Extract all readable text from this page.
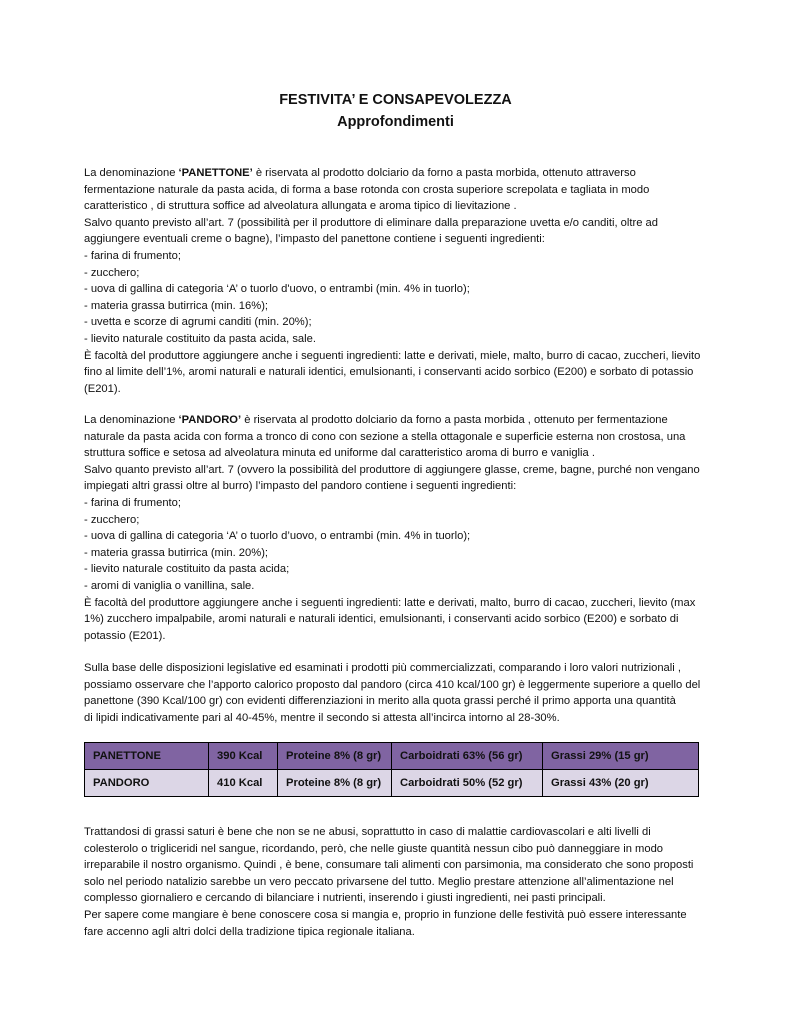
FESTIVITA’ E CONSAPEVOLEZZA
Approfondimenti
La denominazione ‘PANETTONE’ è riservata al prodotto dolciario da forno a pasta morbida, ottenuto attraverso
fermentazione naturale da pasta acida, di forma a base rotonda con crosta superiore screpolata e tagliata in modo
caratteristico , di struttura soffice ad alveolatura allungata e aroma tipico di lievitazione .
Salvo quanto previsto all’art. 7 (possibilità per il produttore di eliminare dalla preparazione uvetta e/o canditi, oltre ad
aggiungere eventuali creme o bagne), l’impasto del panettone contiene i seguenti ingredienti:
- farina di frumento;
- zucchero;
- uova di gallina di categoria ‘A’ o tuorlo d'uovo, o entrambi (min. 4% in tuorlo);
- materia grassa butirrica (min. 16%);
- uvetta e scorze di agrumi canditi (min. 20%);
- lievito naturale costituito da pasta acida, sale.
È facoltà del produttore aggiungere anche i seguenti ingredienti: latte e derivati, miele, malto, burro di cacao, zuccheri, lievito
fino al limite dell’1%, aromi naturali e naturali identici, emulsionanti, i conservanti acido sorbico (E200) e sorbato di potassio
(E201).
La denominazione ‘PANDORO’ è riservata al prodotto dolciario da forno a pasta morbida , ottenuto per fermentazione
naturale da pasta acida con forma a tronco di cono con sezione a stella ottagonale e superficie esterna non crostosa, una
struttura soffice e setosa ad alveolatura minuta ed uniforme dal caratteristico aroma di burro e vaniglia .
Salvo quanto previsto all’art. 7 (ovvero la possibilità del produttore di aggiungere glasse, creme, bagne, purché non vengano
impiegati altri grassi oltre al burro) l’impasto del pandoro contiene i seguenti ingredienti:
- farina di frumento;
- zucchero;
- uova di gallina di categoria ‘A’ o tuorlo d’uovo, o entrambi (min. 4% in tuorlo);
- materia grassa butirrica (min. 20%);
- lievito naturale costituito da pasta acida;
- aromi di vaniglia o vanillina, sale.
È facoltà del produttore aggiungere anche i seguenti ingredienti: latte e derivati, malto, burro di cacao, zuccheri, lievito (max
1%) zucchero impalpabile, aromi naturali e naturali identici, emulsionanti, i conservanti acido sorbico (E200) e sorbato di
potassio (E201).
Sulla base delle disposizioni legislative ed esaminati i prodotti più commercializzati, comparando i loro valori nutrizionali ,
possiamo osservare che l’apporto calorico proposto dal pandoro (circa 410 kcal/100 gr) è leggermente superiore a quello del
panettone (390 Kcal/100 gr) con evidenti differenziazioni in merito alla quota grassi perché il primo apporta una quantità
di lipidi indicativamente pari al 40-45%, mentre il secondo si attesta all’incirca intorno al 28-30%.
PANETTONE	390 Kcal	Proteine 8% (8 gr)	Carboidrati 63% (56 gr)	Grassi 29% (15 gr)
PANDORO	410 Kcal	Proteine 8% (8 gr)	Carboidrati 50% (52 gr)	Grassi 43% (20 gr)
Trattandosi di grassi saturi è bene che non se ne abusi, soprattutto in caso di malattie cardiovascolari e alti livelli di
colesterolo o trigliceridi nel sangue, ricordando, però, che nelle giuste quantità nessun cibo può danneggiare in modo
irreparabile il nostro organismo. Quindi , è bene, consumare tali alimenti con parsimonia, ma considerato che sono proposti
solo nel periodo natalizio sarebbe un vero peccato privarsene del tutto. Meglio prestare attenzione all’alimentazione nel
complesso giornaliero e cercando di bilanciare i nutrienti, inserendo i giusti ingredienti, nei pasti principali.
Per sapere come mangiare è bene conoscere cosa si mangia e, proprio in funzione delle festività può essere interessante
fare accenno agli altri dolci della tradizione tipica regionale italiana.
